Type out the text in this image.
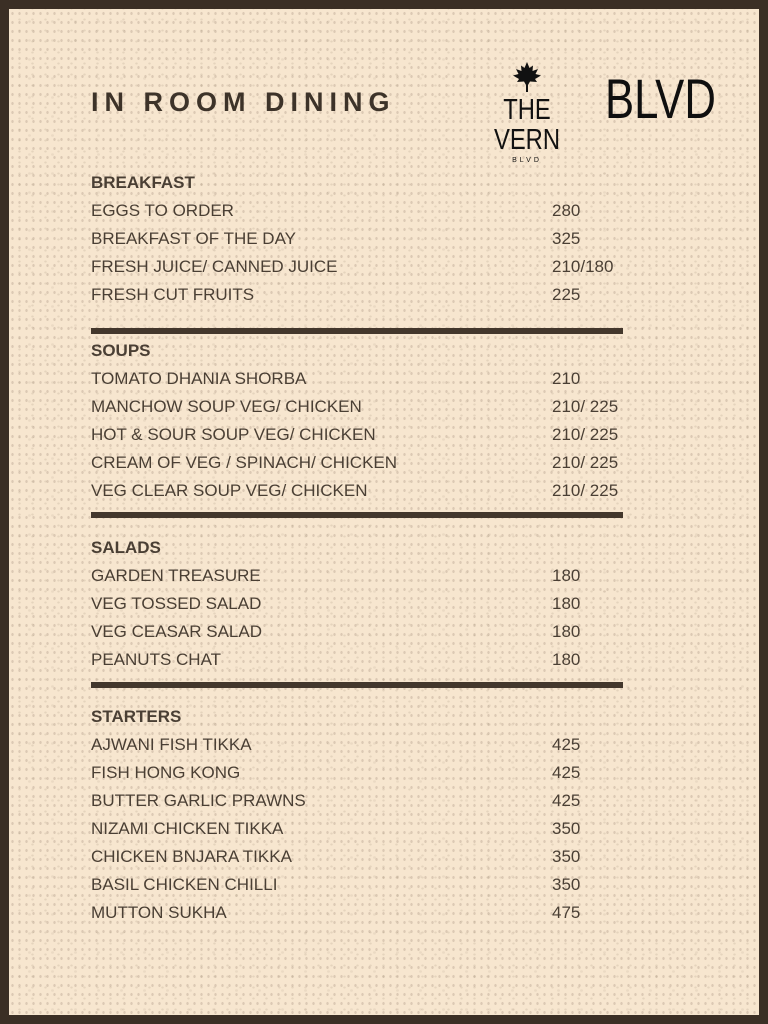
IN ROOM DINING	THE VERN
BLVD
BLVD
BREAKFAST
EGGS TO ORDER	280
BREAKFAST OF THE DAY	325
FRESH JUICE/ CANNED JUICE	210/180
FRESH CUT FRUITS	225
SOUPS
TOMATO DHANIA SHORBA	210
MANCHOW SOUP VEG/ CHICKEN	210/ 225
HOT & SOUR SOUP VEG/ CHICKEN	210/ 225
CREAM OF VEG / SPINACH/ CHICKEN	210/ 225
VEG CLEAR SOUP VEG/ CHICKEN	210/ 225
SALADS
GARDEN TREASURE	180
VEG TOSSED SALAD	180
VEG CEASAR SALAD	180
PEANUTS CHAT	180
STARTERS
AJWANI FISH TIKKA	425
FISH HONG KONG	425
BUTTER GARLIC PRAWNS	425
NIZAMI CHICKEN TIKKA	350
CHICKEN BNJARA TIKKA	350
BASIL CHICKEN CHILLI	350
MUTTON SUKHA	475
